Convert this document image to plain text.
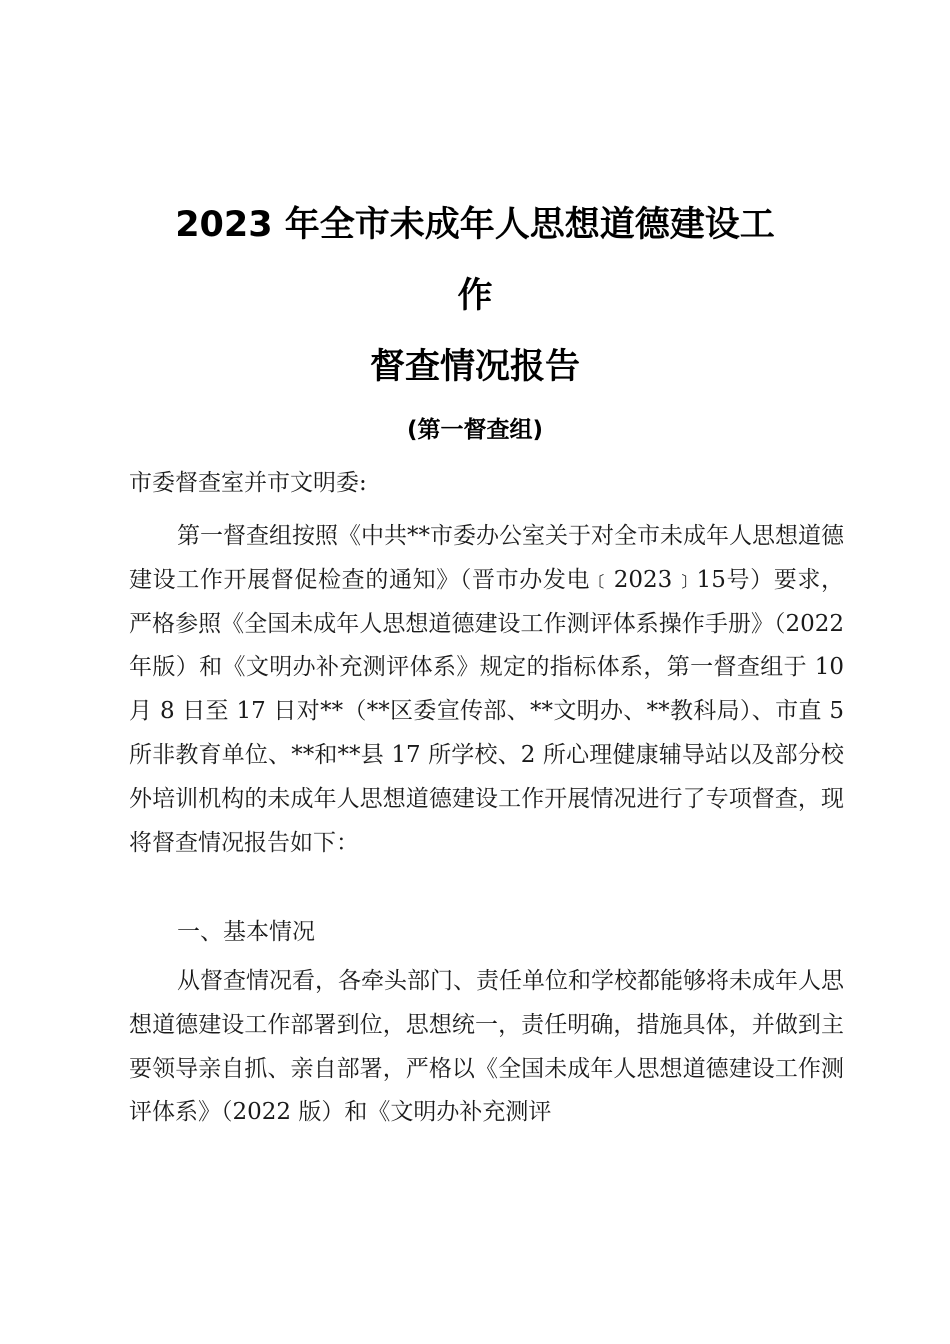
2023 年全市未成年人思想道德建设工
作
督查情况报告
(第一督查组)
市委督查室并市文明委:

第一督查组按照《中共**市委办公室关于对全市未成年人思想道德建设工作开展督促检查的通知》（晋市办发电﹝2023﹞15号）要求，严格参照《全国未成年人思想道德建设工作测评体系操作手册》（2022 年版）和《文明办补充测评体系》规定的指标体系，第一督查组于 10 月 8 日至 17 日对**（**区委宣传部、**文明办、**教科局）、市直 5 所非教育单位、**和**县 17 所学校、2 所心理健康辅导站以及部分校外培训机构的未成年人思想道德建设工作开展情况进行了专项督查，现将督查情况报告如下：

一、基本情况

从督查情况看，各牵头部门、责任单位和学校都能够将未成年人思想道德建设工作部署到位，思想统一，责任明确，措施具体，并做到主要领导亲自抓、亲自部署，严格以《全国未成年人思想道德建设工作测评体系》（2022 版）和《文明办补充测评
